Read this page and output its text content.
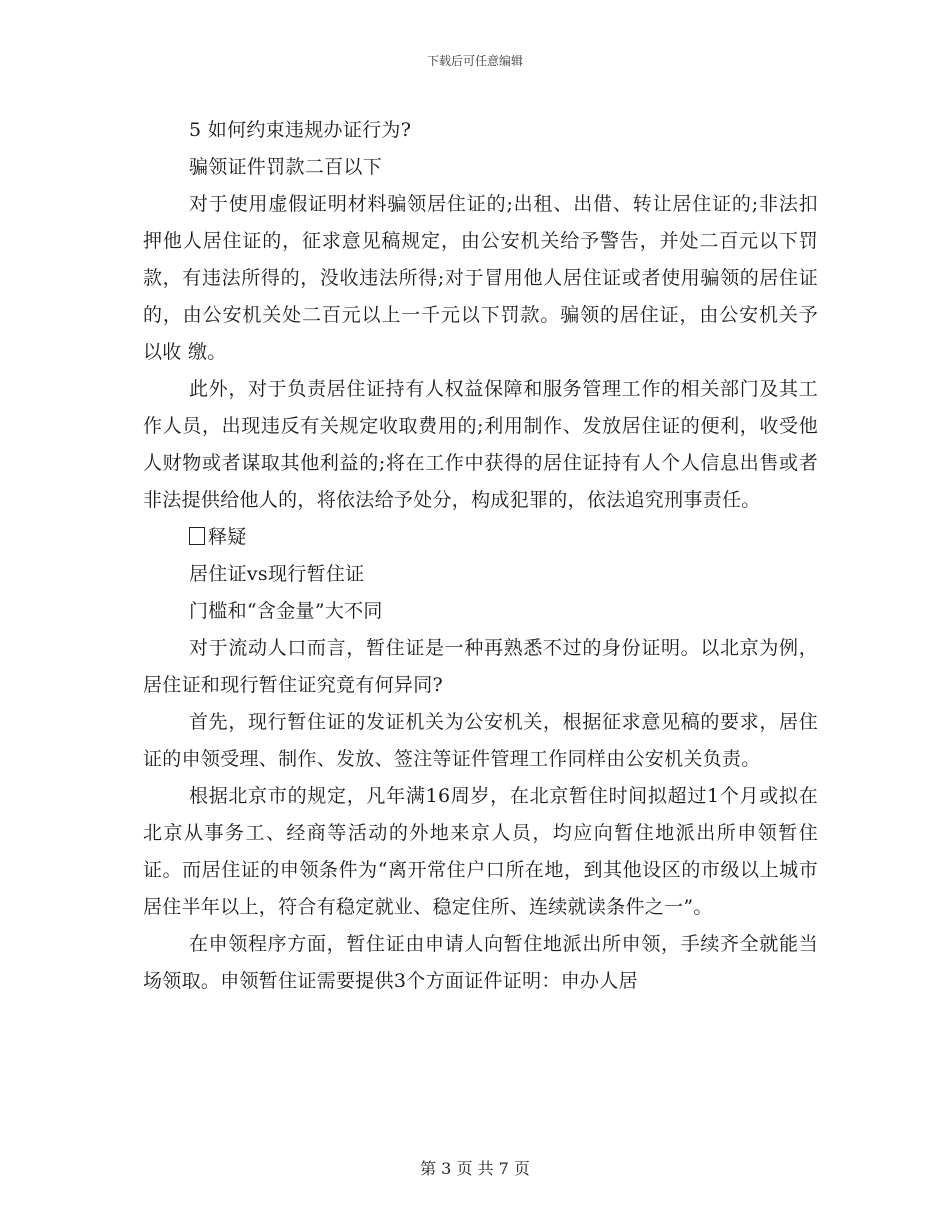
下载后可任意编辑

5 如何约束违规办证行为?

骗领证件罚款二百以下

对于使用虚假证明材料骗领居住证的;出租、出借、转让居住证的;非法扣押他人居住证的，征求意见稿规定，由公安机关给予警告，并处二百元以下罚 款，有违法所得的，没收违法所得;对于冒用他人居住证或者使用骗领的居住证的，由公安机关处二百元以上一千元以下罚款。骗领的居住证，由公安机关予以收 缴。

此外，对于负责居住证持有人权益保障和服务管理工作的相关部门及其工作人员，出现违反有关规定收取费用的;利用制作、发放居住证的便利，收受他 人财物或者谋取其他利益的;将在工作中获得的居住证持有人个人信息出售或者非法提供给他人的，将依法给予处分，构成犯罪的，依法追究刑事责任。

释疑

居住证vs现行暂住证

门槛和“含金量”大不同

对于流动人口而言，暂住证是一种再熟悉不过的身份证明。以北京为例，居住证和现行暂住证究竟有何异同?

首先，现行暂住证的发证机关为公安机关，根据征求意见稿的要求，居住证的申领受理、制作、发放、签注等证件管理工作同样由公安机关负责。

根据北京市的规定，凡年满16周岁，在北京暂住时间拟超过1个月或拟在北京从事务工、经商等活动的外地来京人员，均应向暂住地派出所申领暂住 证。而居住证的申领条件为“离开常住户口所在地，到其他设区的市级以上城市居住半年以上，符合有稳定就业、稳定住所、连续就读条件之一”。

在申领程序方面，暂住证由申请人向暂住地派出所申领，手续齐全就能当场领取。申领暂住证需要提供3个方面证件证明：申办人居

第 3 页 共 7 页
